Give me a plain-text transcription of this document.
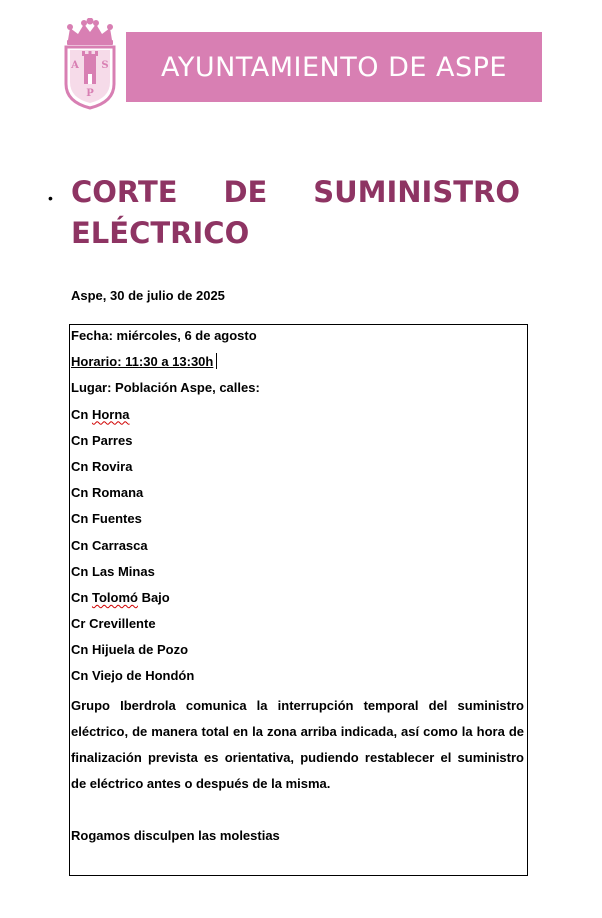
A S
P
AYUNTAMIENTO DE ASPE
• CORTE DE SUMINISTRO
ELÉCTRICO
Aspe, 30 de julio de 2025
Fecha: miércoles, 6 de agosto
Horario: 11:30 a 13:30h
Lugar: Población Aspe, calles:
Cn Horna
Cn Parres
Cn Rovira
Cn Romana
Cn Fuentes
Cn Carrasca
Cn Las Minas
Cn Tolomó Bajo
Cr Crevillente
Cn Hijuela de Pozo
Cn Viejo de Hondón

Grupo Iberdrola comunica la interrupción temporal del suministro eléctrico, de manera total en la zona arriba indicada, así como la hora de finalización prevista es orientativa, pudiendo restablecer el suministro de eléctrico antes o después de la misma.

Rogamos disculpen las molestias
